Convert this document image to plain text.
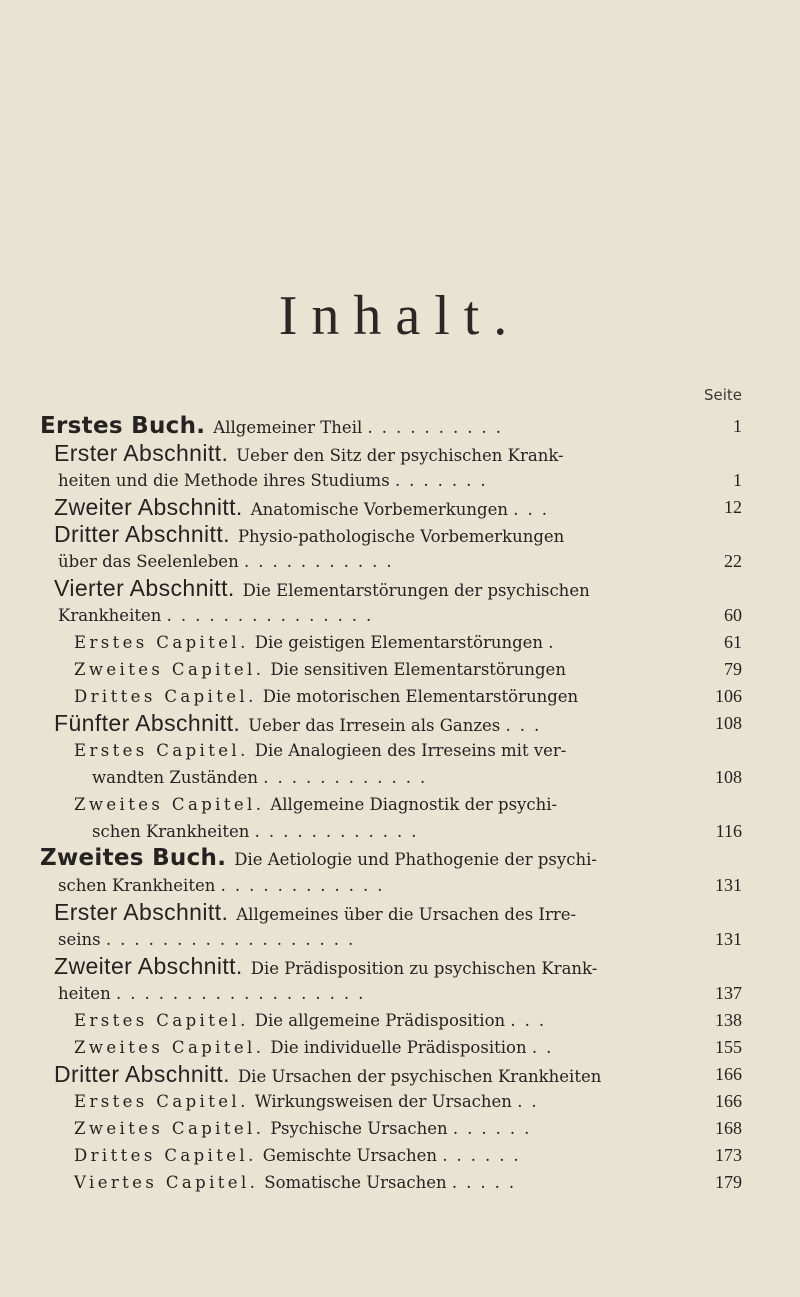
Inhalt.
Seite
Erstes Buch. Allgemeiner Theil ..........	1
Erster Abschnitt. Ueber den Sitz der psychischen Krank-
heiten und die Methode ihres Studiums .......	1
Zweiter Abschnitt. Anatomische Vorbemerkungen ...	12
Dritter Abschnitt. Physio-pathologische Vorbemerkungen
über das Seelenleben ...........	22
Vierter Abschnitt. Die Elementarstörungen der psychischen
Krankheiten ...............	60
Erstes Capitel. Die geistigen Elementarstörungen .	61
Zweites Capitel. Die sensitiven Elementarstörungen	79
Drittes Capitel. Die motorischen Elementarstörungen	106
Fünfter Abschnitt. Ueber das Irresein als Ganzes ...	108
Erstes Capitel. Die Analogieen des Irreseins mit ver-
wandten Zuständen ............	108
Zweites Capitel. Allgemeine Diagnostik der psychi-
schen Krankheiten ............	116
Zweites Buch. Die Aetiologie und Phathogenie der psychi-
schen Krankheiten ............	131
Erster Abschnitt. Allgemeines über die Ursachen des Irre-
seins ..................	131
Zweiter Abschnitt. Die Prädisposition zu psychischen Krank-
heiten ..................	137
Erstes Capitel. Die allgemeine Prädisposition ...	138
Zweites Capitel. Die individuelle Prädisposition ..	155
Dritter Abschnitt. Die Ursachen der psychischen Krankheiten	166
Erstes Capitel. Wirkungsweisen der Ursachen ..	166
Zweites Capitel. Psychische Ursachen ......	168
Drittes Capitel. Gemischte Ursachen ......	173
Viertes Capitel. Somatische Ursachen .....	179
